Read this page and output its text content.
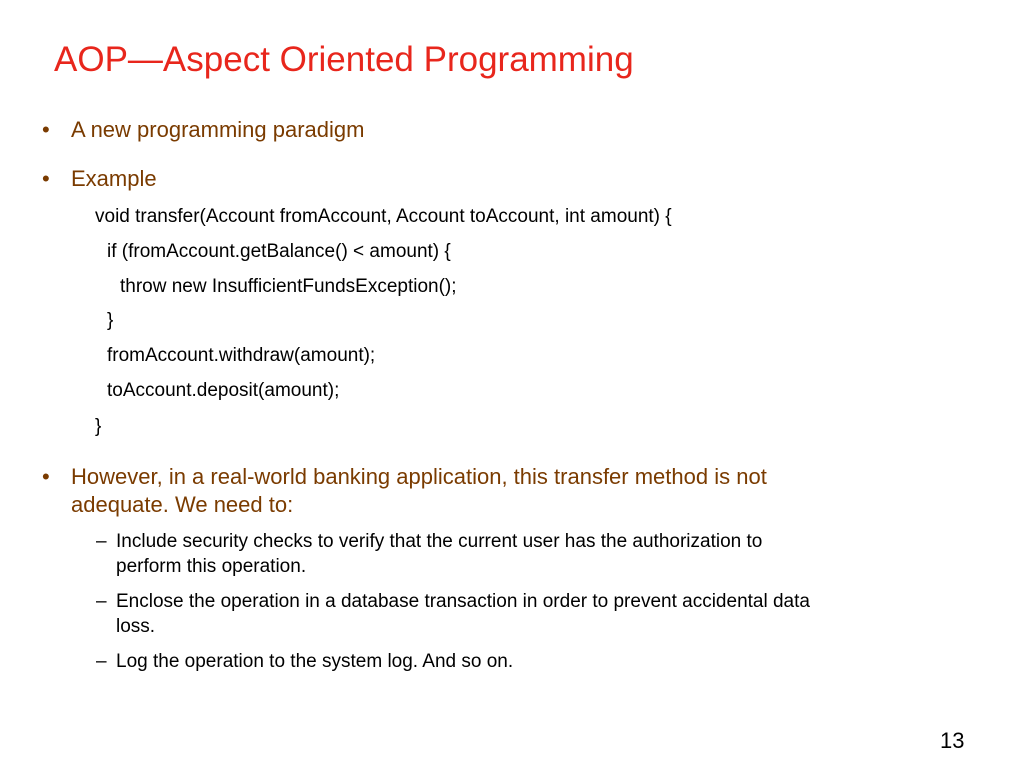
AOP—Aspect Oriented Programming
• A new programming paradigm
• Example
void transfer(Account fromAccount, Account toAccount, int amount) {
if (fromAccount.getBalance() < amount) {
throw new InsufficientFundsException();
}
fromAccount.withdraw(amount);
toAccount.deposit(amount);
}
• However, in a real-world banking application, this transfer method is not
adequate. We need to:
– Include security checks to verify that the current user has the authorization to
perform this operation.
– Enclose the operation in a database transaction in order to prevent accidental data
loss.
– Log the operation to the system log. And so on.
13
